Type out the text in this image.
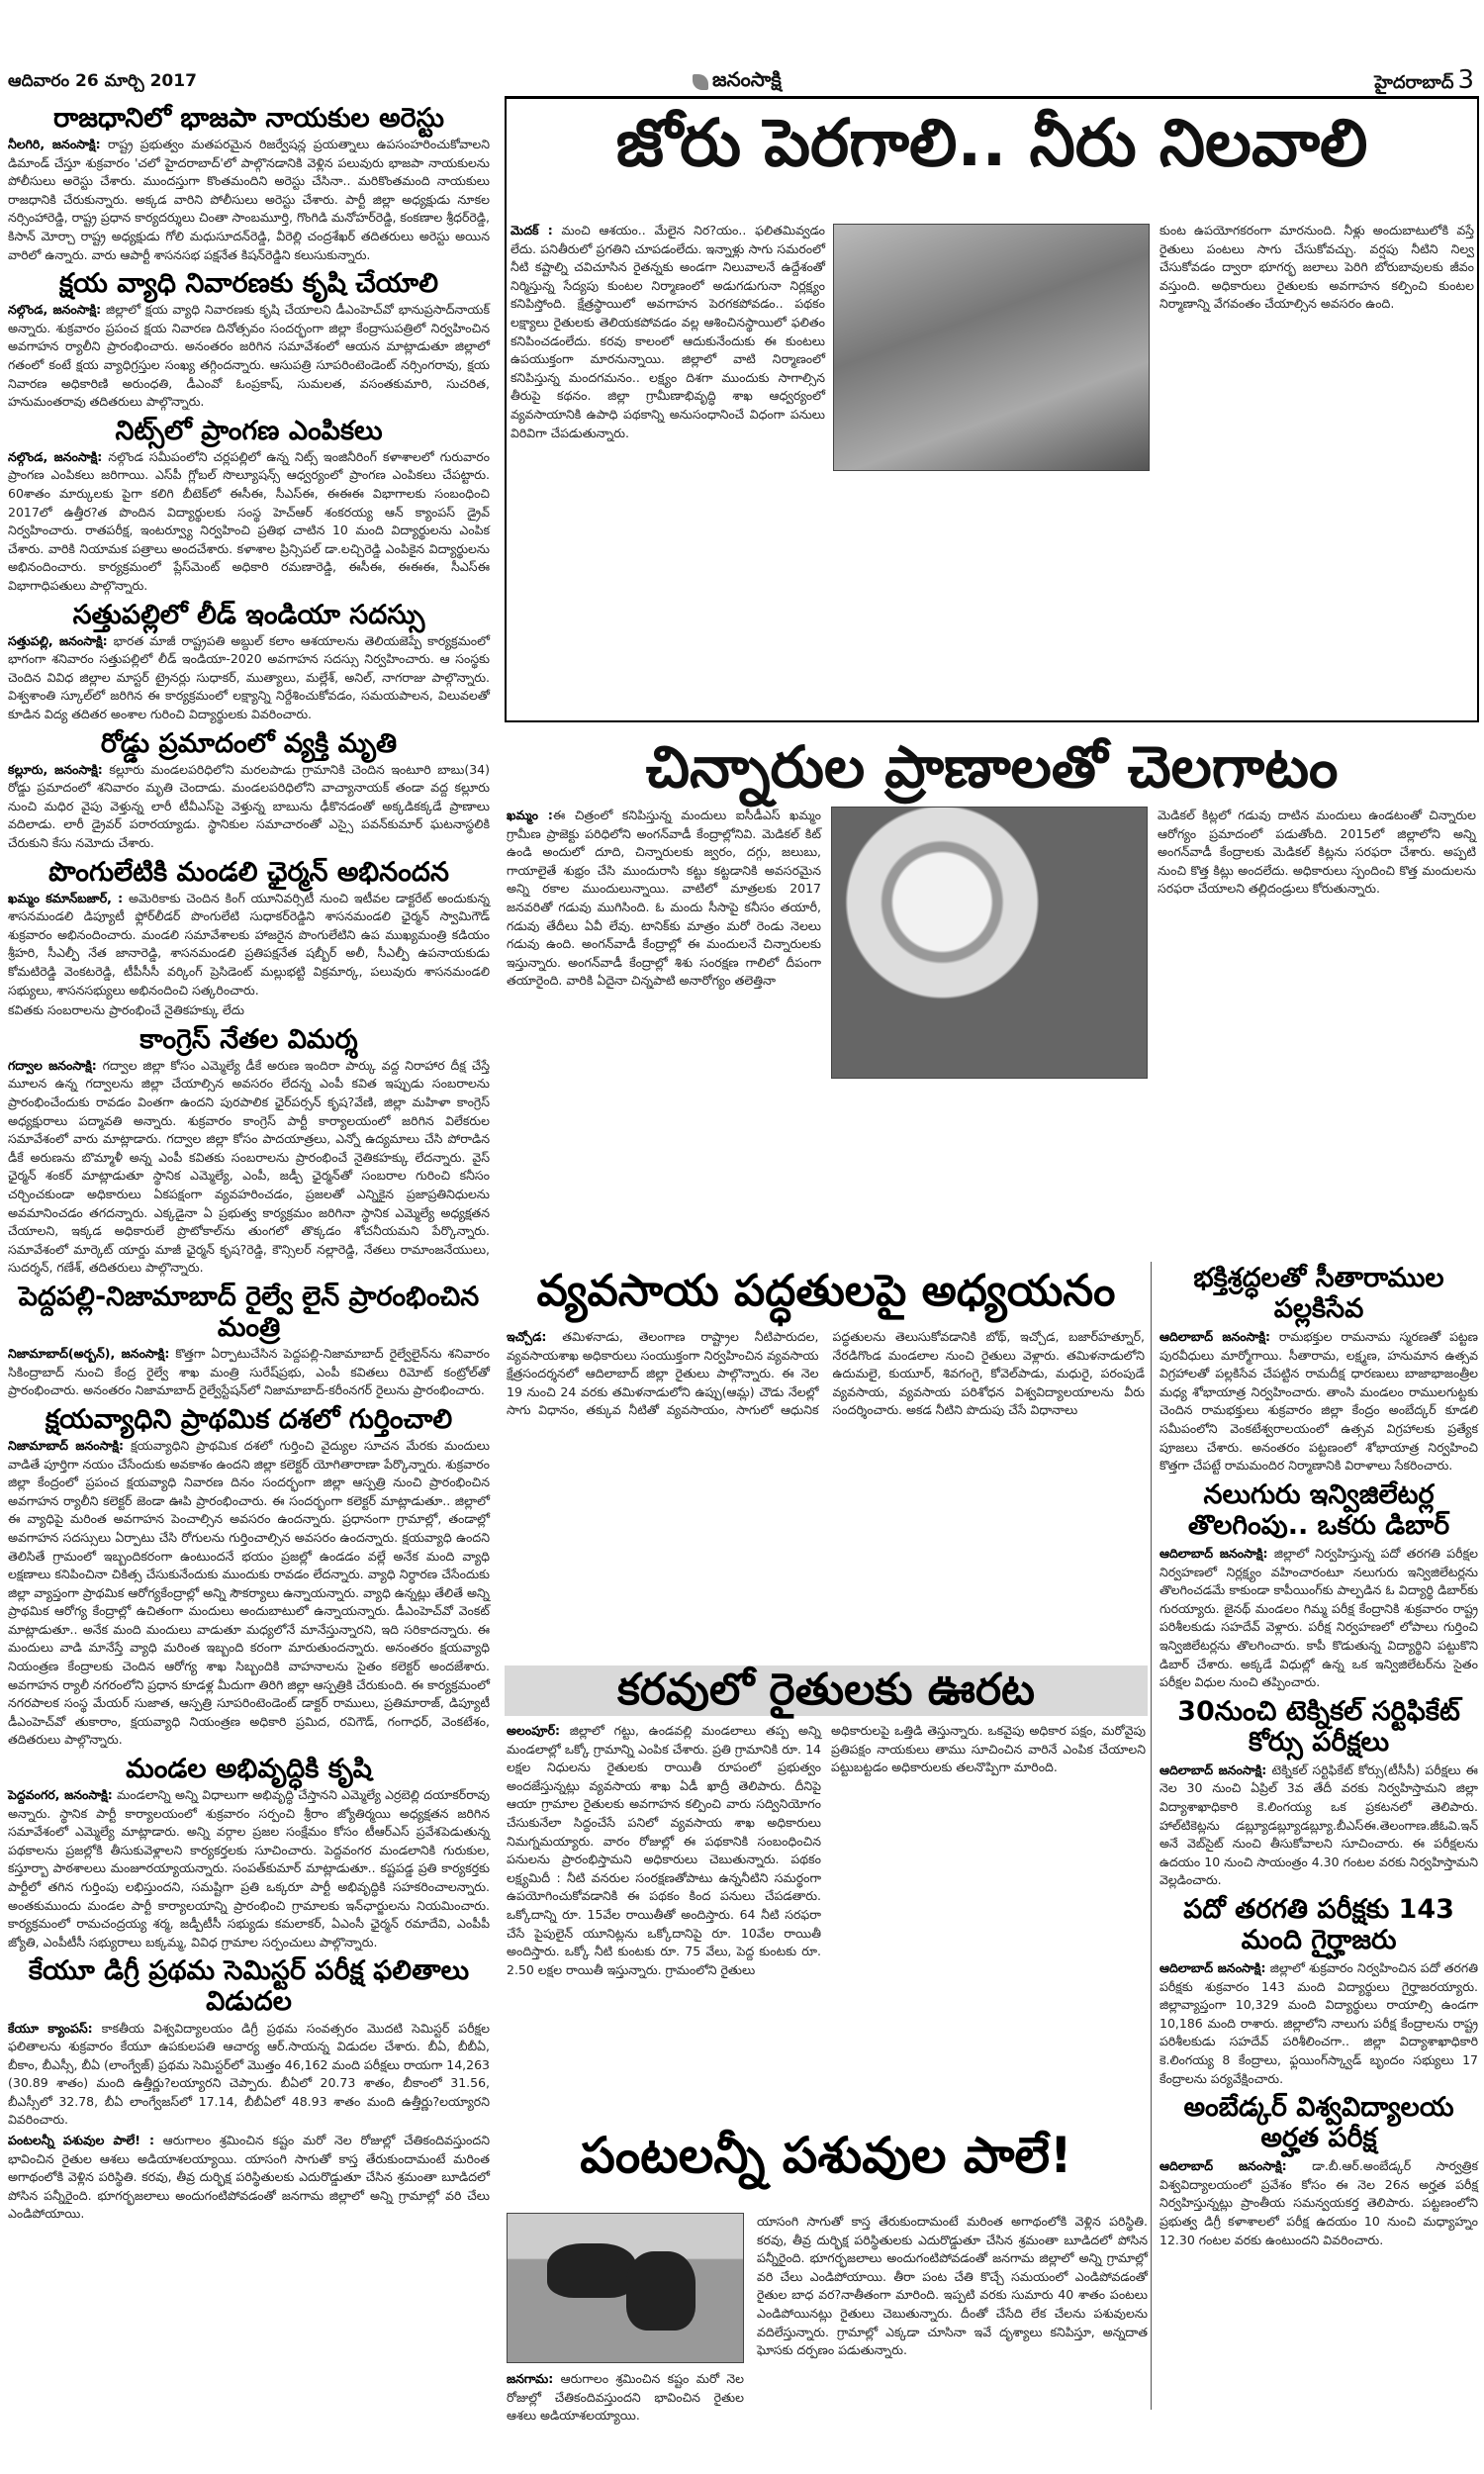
ఆదివారం 26 మార్చి 2017	జనంసాక్షి	హైదరాబాద్ 3
రాజధానిలో భాజపా నాయకుల అరెస్టు
నీలగిరి, జనంసాక్షి: రాష్ట్ర ప్రభుత్వం మతపరమైన రిజర్వేషన్ల ప్రయత్నాలు ఉపసంహరించుకోవాలని డిమాండ్ చేస్తూ శుక్రవారం 'చలో హైదరాబాద్'లో పాల్గొనడానికి వెళ్లిన పలువురు భాజపా నాయకులను పోలీసులు అరెస్టు చేశారు. ముందస్తుగా కొంతమందిని అరెస్టు చేసినా.. మరికొంతమంది నాయకులు రాజధానికి చేరుకున్నారు. అక్కడ వారిని పోలీసులు అరెస్టు చేశారు. పార్టీ జిల్లా అధ్యక్షుడు నూకల నర్సింహారెడ్డి, రాష్ట్ర ప్రధాన కార్యదర్శులు చింతా సాంబమూర్తి, గొంగిడి మనోహర్‌రెడ్డి, కంకణాల శ్రీధర్‌రెడ్డి, కిసాన్ మోర్చా రాష్ట్ర అధ్యక్షుడు గోలి మధుసూదన్‌రెడ్డి, వీరెల్లి చంద్రశేఖర్ తదితరులు అరెస్టు అయిన వారిలో ఉన్నారు. వారు ఆపార్టీ శాసనసభ పక్షనేత కిషన్‌రెడ్డిని కలుసుకున్నారు.
క్షయ వ్యాధి నివారణకు కృషి చేయాలి
నల్గొండ, జనంసాక్షి: జిల్లాలో క్షయ వ్యాధి నివారణకు కృషి చేయాలని డీఎంహెచ్‌వో భానుప్రసాద్‌నాయక్ అన్నారు. శుక్రవారం ప్రపంచ క్షయ నివారణ దినోత్సవం సందర్భంగా జిల్లా కేంద్రాసుపత్రిలో నిర్వహించిన అవగాహన ర్యాలీని ప్రారంభించారు. అనంతరం జరిగిన సమావేశంలో ఆయన మాట్లాడుతూ జిల్లాలో గతంలో కంటే క్షయ వ్యాధిగ్రస్తుల సంఖ్య తగ్గిందన్నారు. ఆసుపత్రి సూపరింటెండెంట్ నర్సింగరావు, క్షయ నివారణ అధికారిణి అరుంధతి, డీఎంవో ఓంప్రకాష్, సుమలత, వసంతకుమారి, సుచరిత, హనుమంతరావు తదితరులు పాల్గొన్నారు.
నిట్స్‌లో ప్రాంగణ ఎంపికలు
నల్గొండ, జనంసాక్షి: నల్గొండ సమీపంలోని చర్లపల్లిలో ఉన్న నిట్స్ ఇంజినీరింగ్ కళాశాలలో గురువారం ప్రాంగణ ఎంపికలు జరిగాయి. ఎస్‌పీ గ్లోబల్ సొల్యూషన్స్ ఆధ్వర్యంలో ప్రాంగణ ఎంపికలు చేపట్టారు. 60శాతం మార్కులకు పైగా కలిగి బీటెక్‌లో ఈసీఈ, సీఎస్ఈ, ఈఈఈ విభాగాలకు సంబంధించి 2017లో ఉత్తీర?త పొందిన విద్యార్థులకు సంస్థ హెచ్ఆర్ శంకరయ్య ఆన్ క్యాంపస్ డ్రైవ్ నిర్వహించారు. రాతపరీక్ష, ఇంటర్వ్యూ నిర్వహించి ప్రతిభ చాటిన 10 మంది విద్యార్థులను ఎంపిక చేశారు. వారికి నియామక పత్రాలు అందచేశారు. కళాశాల ప్రిన్సిపల్ డా.లచ్చిరెడ్డి ఎంపికైన విద్యార్థులను అభినందించారు. కార్యక్రమంలో ప్లేస్‌మెంట్ అధికారి రమణారెడ్డి, ఈసీఈ, ఈఈఈ, సీఎస్ఈ విభాగాధిపతులు పాల్గొన్నారు.
సత్తుపల్లిలో లీడ్ ఇండియా సదస్సు
సత్తుపల్లి, జనంసాక్షి: భారత మాజీ రాష్ట్రపతి అబ్దుల్ కలాం ఆశయాలను తెలియజెప్పే కార్యక్రమంలో భాగంగా శనివారం సత్తుపల్లిలో లీడ్ ఇండియా-2020 అవగాహన సదస్సు నిర్వహించారు. ఆ సంస్థకు చెందిన వివిధ జిల్లాల మాస్టర్ ట్రైనర్లు సుధాకర్, ముత్యాలు, మల్లేశ్, అనిల్, నాగరాజు పాల్గొన్నారు. విశ్వశాంతి స్కూల్‌లో జరిగిన ఈ కార్యక్రమంలో లక్ష్యాన్ని నిర్దేశించుకోవడం, సమయపాలన, విలువలతో కూడిన విద్య తదితర అంశాల గురించి విద్యార్థులకు వివరించారు.
రోడ్డు ప్రమాదంలో వ్యక్తి మృతి
కల్లూరు, జనంసాక్షి: కల్లూరు మండలపరిధిలోని మరలపాడు గ్రామానికి చెందిన ఇంటూరి బాబు(34) రోడ్డు ప్రమాదంలో శనివారం మృతి చెందాడు. మండలపరిధిలోని వాచ్యానాయక్ తండా వద్ద కల్లూరు నుంచి మధిర వైపు వెళ్తున్న లారీ టీవీఎస్‌పై వెళ్తున్న బాబును ఢీకొనడంతో అక్కడికక్కడే ప్రాణాలు వదిలాడు. లారీ డ్రైవర్ పరారయ్యాడు. స్థానికుల సమాచారంతో ఎస్సై పవన్‌కుమార్ ఘటనాస్థలికి చేరుకుని కేసు నమోదు చేశారు.
పొంగులేటికి మండలి ఛైర్మన్ అభినందన
ఖమ్మం కమాన్‌బజార్, : అమెరికాకు చెందిన కింగ్ యూనివర్సిటీ నుంచి ఇటీవల డాక్టరేట్ అందుకున్న శాసనమండలి డిప్యూటీ ఫ్లోర్‌లీడర్ పొంగులేటి సుధాకర్‌రెడ్డిని శాసనమండలి ఛైర్మన్ స్వామిగౌడ్ శుక్రవారం అభినందించారు. మండలి సమావేశాలకు హాజరైన పొంగులేటిని ఉప ముఖ్యమంత్రి కడియం శ్రీహరి, సీఎల్పీ నేత జానారెడ్డి, శాసనమండలి ప్రతిపక్షనేత షబ్బీర్ అలీ, సీఎల్పీ ఉపనాయకుడు కోమటిరెడ్డి వెంకటరెడ్డి, టీపీసీసీ వర్కింగ్ ప్రెసిడెంట్ మల్లుభట్టి విక్రమార్క, పలువురు శాసనమండలి సభ్యులు, శాసనసభ్యులు అభినందించి సత్కరించారు.
కవితకు సంబరాలను ప్రారంభించే నైతికహక్కు లేదు
కాంగ్రెస్ నేతల విమర్శ
గద్వాల జనంసాక్షి: గద్వాల జిల్లా కోసం ఎమ్మెల్యే డీకే అరుణ ఇందిరా పార్కు వద్ద నిరాహార దీక్ష చేస్తే మూలన ఉన్న గద్వాలను జిల్లా చేయాల్సిన అవసరం లేదన్న ఎంపీ కవిత ఇప్పుడు సంబరాలను ప్రారంభించేందుకు రావడం వింతగా ఉందని పురపాలిక ఛైర్‌పర్సన్ కృష?వేణి, జిల్లా మహిళా కాంగ్రెస్ అధ్యక్షురాలు పద్మావతి అన్నారు. శుక్రవారం కాంగ్రెస్ పార్టీ కార్యాలయంలో జరిగిన విలేకరుల సమావేశంలో వారు మాట్లాడారు. గద్వాల జిల్లా కోసం పాదయాత్రలు, ఎన్నో ఉద్యమాలు చేసి పోరాడిన డీకే అరుణను బొమ్మాళీ అన్న ఎంపీ కవితకు సంబరాలను ప్రారంభించే నైతికహక్కు లేదన్నారు. వైస్ ఛైర్మన్ శంకర్ మాట్లాడుతూ స్థానిక ఎమ్మెల్యే, ఎంపీ, జడ్పీ ఛైర్మన్‌తో సంబరాల గురించి కనీసం చర్చించకుండా అధికారులు ఏకపక్షంగా వ్యవహరించడం, ప్రజలతో ఎన్నికైన ప్రజాప్రతినిధులను అవమానించడం తగదన్నారు. ఎక్కడైనా ఏ ప్రభుత్వ కార్యక్రమం జరిగినా స్థానిక ఎమ్మెల్యే అధ్యక్షతన చేయాలని, ఇక్కడ అధికారులే ప్రొటోకాల్‌ను తుంగలో తొక్కడం శోచనీయమని పేర్కొన్నారు. సమావేశంలో మార్కెట్ యార్డు మాజీ ఛైర్మన్ కృష?రెడ్డి, కౌన్సిలర్ నల్లారెడ్డి, నేతలు రామాంజనేయులు, సుదర్శన్, గణేశ్, తదితరులు పాల్గొన్నారు.
పెద్దపల్లి-నిజామాబాద్ రైల్వే లైన్ ప్రారంభించిన మంత్రి
నిజామాబాద్(అర్బన్), జనంసాక్షి: కొత్తగా ఏర్పాటుచేసిన పెద్దపల్లి-నిజామాబాద్ రైల్వేలైన్‌ను శనివారం సికింద్రాబాద్ నుంచి కేంద్ర రైల్వే శాఖ మంత్రి సురేష్‌ప్రభు, ఎంపీ కవితలు రిమోట్ కంట్రోల్‌తో ప్రారంభించారు. అనంతరం నిజామాబాద్ రైల్వేస్టేషన్‌లో నిజామాబాద్-కరీంనగర్ రైలును ప్రారంభించారు.
క్షయవ్యాధిని ప్రాథమిక దశలో గుర్తించాలి
నిజామాబాద్ జనంసాక్షి: క్షయవ్యాధిని ప్రాథమిక దశలో గుర్తించి వైద్యుల సూచన మేరకు మందులు వాడితే పూర్తిగా నయం చేసేందుకు అవకాశం ఉందని జిల్లా కలెక్టర్ యోగితారాణా పేర్కొన్నారు. శుక్రవారం జిల్లా కేంద్రంలో ప్రపంచ క్షయవ్యాధి నివారణ దినం సందర్భంగా జిల్లా ఆస్పత్రి నుంచి ప్రారంభించిన అవగాహన ర్యాలీని కలెక్టర్ జెండా ఊపి ప్రారంభించారు. ఈ సందర్భంగా కలెక్టర్ మాట్లాడుతూ.. జిల్లాలో ఈ వ్యాధిపై మరింత అవగాహన పెంచాల్సిన అవసరం ఉందన్నారు. ప్రధానంగా గ్రామాల్లో, తండాల్లో అవగాహన సదస్సులు ఏర్పాటు చేసి రోగులను గుర్తించాల్సిన అవసరం ఉందన్నారు. క్షయవ్యాధి ఉందని తెలిసితే గ్రామంలో ఇబ్బందికరంగా ఉంటుందనే భయం ప్రజల్లో ఉండడం వల్లే అనేక మంది వ్యాధి లక్షణాలు కనిపించినా చికిత్స చేసుకునేందుకు ముందుకు రావడం లేదన్నారు. వ్యాధి నిర్ధారణ చేసేందుకు జిల్లా వ్యాప్తంగా ప్రాథమిక ఆరోగ్యకేంద్రాల్లో అన్ని సౌకర్యాలు ఉన్నాయన్నారు. వ్యాధి ఉన్నట్లు తేలితే అన్ని ప్రాథమిక ఆరోగ్య కేంద్రాల్లో ఉచితంగా మందులు అందుబాటులో ఉన్నాయన్నారు. డీఎంహెచ్‌వో వెంకట్ మాట్లాడుతూ.. అనేక మంది మందులు వాడుతూ మధ్యలోనే మానేస్తున్నారని, ఇది సరికాదన్నారు. ఈ మందులు వాడి మానేస్తే వ్యాధి మరింత ఇబ్బంది కరంగా మారుతుందన్నారు. అనంతరం క్షయవ్యాధి నియంత్రణ కేంద్రాలకు చెందిన ఆరోగ్య శాఖ సిబ్బందికి వాహనాలను సైతం కలెక్టర్ అందజేశారు. అవగాహన ర్యాలీ నగరంలోని ప్రధాన కూడళ్ల మీదుగా తిరిగి జిల్లా ఆస్పత్రికి చేరుకుంది. ఈ కార్యక్రమంలో నగరపాలక సంస్థ మేయర్ సుజాత, ఆస్పత్రి సూపరింటెండెంట్ డాక్టర్ రాములు, ప్రతిమారాజ్, డిప్యూటీ డీఎంహెచ్‌వో తుకారాం, క్షయవ్యాధి నియంత్రణ అధికారి ప్రమిద, రవిగౌడ్, గంగాధర్, వెంకటేశం, తదితరులు పాల్గొన్నారు.
మండల అభివృద్ధికి కృషి
పెద్దవంగర, జనంసాక్షి: మండలాన్ని అన్ని విధాలుగా అభివృద్ధి చేస్తానని ఎమ్మెల్యే ఎర్రబెల్లి దయాకర్‌రావు అన్నారు. స్థానిక పార్టీ కార్యాలయంలో శుక్రవారం సర్పంచి శ్రీరాం జ్యోతిర్మయి అధ్యక్షతన జరిగిన సమావేశంలో ఎమ్మెల్యే మాట్లాడారు. అన్ని వర్గాల ప్రజల సంక్షేమం కోసం టీఆర్ఎస్ ప్రవేశపెడుతున్న పథకాలను ప్రజల్లోకి తీసుకువెళ్లాలని కార్యకర్తలకు సూచించారు. పెద్దవంగర మండలానికి గురుకుల, కస్తూర్బా పాఠశాలలు మంజూరయ్యాయన్నారు. సంపత్‌కుమార్ మాట్లాడుతూ.. కష్టపడ్డ ప్రతి కార్యకర్తకు పార్టీలో తగిన గుర్తింపు లభిస్తుందని, సమష్టిగా ప్రతి ఒక్కరూ పార్టీ అభివృద్ధికి సహకరించాలన్నారు. అంతకుముందు మండల పార్టీ కార్యాలయాన్ని ప్రారంభించి గ్రామాలకు ఇన్‌ఛార్జులను నియమించారు. కార్యక్రమంలో రామచంద్రయ్య శర్మ, జడ్పీటీసీ సభ్యుడు కమలాకర్, ఏఎంసీ ఛైర్మన్ రమాదేవి, ఎంపీపీ జ్యోతి, ఎంపీటీసీ సభ్యురాలు బక్కమ్మ, వివిధ గ్రామాల సర్పంచులు పాల్గొన్నారు.
కేయూ డిగ్రీ ప్రథమ సెమిస్టర్ పరీక్ష ఫలితాలు విడుదల
కేయూ క్యాంపస్: కాకతీయ విశ్వవిద్యాలయం డిగ్రీ ప్రథమ సంవత్సరం మొదటి సెమిస్టర్ పరీక్షల ఫలితాలను శుక్రవారం కేయూ ఉపకులపతి ఆచార్య ఆర్.సాయన్న విడుదల చేశారు. బీఏ, బీబీఏ, బీకాం, బీఎస్సీ, బీఏ (లాంగ్వేజ్) ప్రథమ సెమిస్టర్‌లో మొత్తం 46,162 మంది పరీక్షలు రాయగా 14,263 (30.89 శాతం) మంది ఉత్తీర్ణు?లయ్యారని చెప్పారు. బీఏలో 20.73 శాతం, బీకాంలో 31.56, బీఎస్సీలో 32.78, బీఏ లాంగ్వేజస్‌లో 17.14, బీబీఏలో 48.93 శాతం మంది ఉత్తీర్ణు?లయ్యారని వివరించారు.
పంటలన్నీ పశువుల పాలే! : ఆరుగాలం శ్రమించిన కష్టం మరో నెల రోజుల్లో చేతికందివస్తుందని భావించిన రైతుల ఆశలు అడియాశలయ్యాయి. యాసంగి సాగుతో కాస్త తేరుకుందామంటే మరింత అగాథంలోకి వెళ్లిన పరిస్థితి. కరవు, తీవ్ర దుర్భిక్ష పరిస్థితులకు ఎదురొడ్డుతూ చేసిన శ్రమంతా బూడిదలో పోసిన పన్నీరైంది. భూగర్భజలాలు అందుగంటిపోవడంతో జనగామ జిల్లాలో అన్ని గ్రామాల్లో వరి చేలు ఎండిపోయాయి.
జోరు పెరగాలి.. నీరు నిలవాలి
మెదక్ : మంచి ఆశయం.. మేలైన నిర?యం.. ఫలితమివ్వడం లేదు. పనితీరులో ప్రగతిని చూపడంలేదు. ఇన్నాళ్లు సాగు సమరంలో నీటి కష్టాల్ని చవిచూసిన రైతన్నకు అండగా నిలువాలనే ఉద్దేశంతో నిర్మిస్తున్న సేద్యపు కుంటల నిర్మాణంలో అడుగడుగునా నిర్లక్ష్యం కనిపిస్తోంది. క్షేత్రస్థాయిలో అవగాహన పెరగకపోవడం.. పథకం లక్ష్యాలు రైతులకు తెలియకపోవడం వల్ల ఆశించినస్థాయిలో ఫలితం కనిపించడంలేదు. కరవు కాలంలో ఆదుకునేందుకు ఈ కుంటలు ఉపయుక్తంగా మారనున్నాయి. జిల్లాలో వాటి నిర్మాణంలో కనిపిస్తున్న మందగమనం.. లక్ష్యం దిశగా ముందుకు సాగాల్సిన తీరుపై కథనం. జిల్లా గ్రామీణాభివృద్ధి శాఖ ఆధ్వర్యంలో వ్యవసాయానికి ఉపాధి పథకాన్ని అనుసంధానించే విధంగా పనులు విరివిగా చేపడుతున్నారు.
కుంట ఉపయోగకరంగా మారనుంది. నీళ్లు అందుబాటులోకి వస్తే రైతులు పంటలు సాగు చేసుకోవచ్చు. వర్షపు నీటిని నిల్వ చేసుకోవడం ద్వారా భూగర్భ జలాలు పెరిగి బోరుబావులకు జీవం వస్తుంది. అధికారులు రైతులకు అవగాహన కల్పించి కుంటల నిర్మాణాన్ని వేగవంతం చేయాల్సిన అవసరం ఉంది.
చిన్నారుల ప్రాణాలతో చెలగాటం
ఖమ్మం :ఈ చిత్రంలో కనిపిస్తున్న మందులు ఐసీడీఎస్ ఖమ్మం గ్రామీణ ప్రాజెక్టు పరిధిలోని అంగన్‌వాడీ కేంద్రాల్లోనివి. మెడికల్ కిట్ ఉండి అందులో దూది, చిన్నారులకు జ్వరం, దగ్గు, జలుబు, గాయాలైతే శుభ్రం చేసి ముందురాసి కట్టు కట్టడానికి అవసరమైన అన్ని రకాల ముందులున్నాయి. వాటిలో మాత్రలకు 2017 జనవరితో గడువు ముగిసింది. ఓ మందు సీసాపై కనీసం తయారీ, గడువు తేదీలు ఏవీ లేవు. టానిక్‌కు మాత్రం మరో రెండు నెలలు గడువు ఉంది. అంగన్‌వాడీ కేంద్రాల్లో ఈ మందులనే చిన్నారులకు ఇస్తున్నారు. అంగన్‌వాడీ కేంద్రాల్లో శిశు సంరక్షణ గాలిలో దీపంగా తయారైంది. వారికి ఏదైనా చిన్నపాటి అనారోగ్యం తలెత్తినా
మెడికల్ కిట్లలో గడువు దాటిన మందులు ఉండటంతో చిన్నారుల ఆరోగ్యం ప్రమాదంలో పడుతోంది. 2015లో జిల్లాలోని అన్ని అంగన్‌వాడీ కేంద్రాలకు మెడికల్ కిట్లను సరఫరా చేశారు. అప్పటి నుంచి కొత్త కిట్లు అందలేదు. అధికారులు స్పందించి కొత్త మందులను సరఫరా చేయాలని తల్లిదండ్రులు కోరుతున్నారు.
వ్యవసాయ పద్ధతులపై అధ్యయనం
ఇచ్చోడ: తమిళనాడు, తెలంగాణ రాష్ట్రాల నీటిపారుదల, వ్యవసాయశాఖ అధికారులు సంయుక్తంగా నిర్వహించిన వ్యవసాయ క్షేత్రసందర్శనలో ఆదిలాబాద్ జిల్లా రైతులు పాల్గొన్నారు. ఈ నెల 19 నుంచి 24 వరకు తమిళనాడులోని ఉప్పు(ఆమ్ల) చౌడు నేలల్లో సాగు విధానం, తక్కువ నీటితో వ్యవసాయం, సాగులో ఆధునిక పద్ధతులను తెలుసుకోవడానికి బోథ్, ఇచ్చోడ, బజార్‌హత్నూర్, నేరడిగొండ మండలాల నుంచి రైతులు వెళ్లారు. తమిళనాడులోని ఉదుమలై, కుయూర్, శివగంగై, కోవెల్‌పాడు, మధురై, పరంపుడే వ్యవసాయ, వ్యవసాయ పరిశోధన విశ్వవిద్యాలయాలను వీరు సందర్శించారు. అకడ నీటిని పొదుపు చేసే విధానాలు
కరవులో రైతులకు ఊరట
అలంపూర్: జిల్లాలో గట్టు, ఉండవల్లి మండలాలు తప్ప అన్ని మండలాల్లో ఒక్కో గ్రామాన్ని ఎంపిక చేశారు. ప్రతి గ్రామానికి రూ. 14 లక్షల నిధులను రైతులకు రాయితీ రూపంలో ప్రభుత్వం అందజేస్తున్నట్లు వ్యవసాయ శాఖ ఏడీ ఖాద్రీ తెలిపారు. దీనిపై ఆయా గ్రామాల రైతులకు అవగాహన కల్పించి వారు సద్వినియోగం చేసుకునేలా సిద్ధంచేసే పనిలో వ్యవసాయ శాఖ అధికారులు నిమగ్నమయ్యారు. వారం రోజుల్లో ఈ పథకానికి సంబంధించిన పనులను ప్రారంభిస్తామని అధికారులు చెబుతున్నారు. పథకం లక్ష్యమిదీ : నీటి వనరుల సంరక్షణతోపాటు ఉన్ననీటిని సమర్థంగా ఉపయోగించుకోవడానికి ఈ పథకం కింద పనులు చేపడతారు. ఒక్కోదాన్ని రూ. 15వేల రాయితీతో అందిస్తారు. 64 నీటి సరఫరా చేసే పైపులైన్ యూనిట్లను ఒక్కోదానిపై రూ. 10వేల రాయితీ అందిస్తారు. ఒక్కో నీటి కుంటకు రూ. 75 వేలు, పెద్ద కుంటకు రూ. 2.50 లక్షల రాయితీ ఇస్తున్నారు. గ్రామంలోని రైతులు
అధికారులపై ఒత్తిడి తెస్తున్నారు. ఒకవైపు అధికార పక్షం, మరోవైపు ప్రతిపక్షం నాయకులు తాము సూచించిన వారినే ఎంపిక చేయాలని పట్టుబట్టడం అధికారులకు తలనొప్పిగా మారింది.
పంటలన్నీ పశువుల పాలే!
జనగామ: ఆరుగాలం శ్రమించిన కష్టం మరో నెల రోజుల్లో చేతికందివస్తుందని భావించిన రైతుల ఆశలు అడియాశలయ్యాయి.
యాసంగి సాగుతో కాస్త తేరుకుందామంటే మరింత అగాథంలోకి వెళ్లిన పరిస్థితి. కరవు, తీవ్ర దుర్భిక్ష పరిస్థితులకు ఎదురొడ్డుతూ చేసిన శ్రమంతా బూడిదలో పోసిన పన్నీరైంది. భూగర్భజలాలు అందుగంటిపోవడంతో జనగామ జిల్లాలో అన్ని గ్రామాల్లో వరి చేలు ఎండిపోయాయి. తీరా పంట చేతి కొచ్చే సమయంలో ఎండిపోవడంతో రైతుల బాధ వర?నాతీతంగా మారింది. ఇప్పటి వరకు సుమారు 40 శాతం పంటలు ఎండిపోయినట్లు రైతులు చెబుతున్నారు. దీంతో చేసేది లేక చేలను పశువులను వదిలేస్తున్నారు. గ్రామాల్లో ఎక్కడా చూసినా ఇవే దృశ్యాలు కనిపిస్తూ, అన్నదాత ఘోసకు దర్పణం పడుతున్నారు.
భక్తిశ్రద్ధలతో సీతారాముల పల్లకిసేవ
ఆదిలాబాద్ జనంసాక్షి: రామభక్తుల రామనామ స్మరణతో పట్టణ పురవీధులు మార్మోగాయి. సీతారామ, లక్ష్మణ, హనుమాన ఉత్సవ విగ్రహాలతో పల్లకిసేవ చేపట్టిన రామదీక్ష ధారణులు బాజాభాజంత్రీల మధ్య శోభాయాత్ర నిర్వహించారు. తాంసి మండలం రాములగుట్టకు చెందిన రామభక్తులు శుక్రవారం జిల్లా కేంద్రం అంబేద్కర్ కూడలి సమీపంలోని వెంకటేశ్వరాలయంలో ఉత్సవ విగ్రహాలకు ప్రత్యేక పూజలు చేశారు. అనంతరం పట్టణంలో శోభాయాత్ర నిర్వహించి కొత్తగా చేపట్టే రామమందిర నిర్మాణానికి విరాళాలు సేకరించారు.
నలుగురు ఇన్విజిలేటర్ల తొలగింపు.. ఒకరు డిబార్
ఆదిలాబాద్ జనంసాక్షి: జిల్లాలో నిర్వహిస్తున్న పదో తరగతి పరీక్షల నిర్వహణలో నిర్లక్ష్యం వహించారంటూ నలుగురు ఇన్విజిలేటర్లను తొలగించడమే కాకుండా కాపీయింగ్‌కు పాల్పడిన ఓ విద్యార్థి డిబార్‌కు గురయ్యారు. జైనథ్ మండలం గిమ్మ పరీక్ష కేంద్రానికి శుక్రవారం రాష్ట్ర పరిశీలకుడు సహదేవ్ వెళ్లారు. పరీక్ష నిర్వహణలో లోపాలు గుర్తించి ఇన్విజిలేటర్లను తొలగించారు. కాపీ కొడుతున్న విద్యార్థిని పట్టుకొని డిబార్ చేశారు. అక్కడే విధుల్లో ఉన్న ఒక ఇన్విజిలేటర్‌ను సైతం పరీక్షల విధుల నుంచి తప్పించారు.
30నుంచి టెక్నికల్ సర్టిఫికేట్ కోర్సు పరీక్షలు
ఆదిలాబాద్ జనంసాక్షి: టెక్నికల్ సర్టిఫికేట్ కోర్సు(టీసీసీ) పరీక్షలు ఈ నెల 30 నుంచి ఏప్రిల్ 3వ తేదీ వరకు నిర్వహిస్తామని జిల్లా విద్యాశాఖాధికారి కె.లింగయ్య ఒక ప్రకటనలో తెలిపారు. హాల్‌టికెట్లను డబ్ల్యూడబ్ల్యూడబ్ల్యూ.బీఎస్ఈ.తెలంగాణ.జీఓవి.ఇన్ అనే వెబ్‌సైట్ నుంచి తీసుకోవాలని సూచించారు. ఈ పరీక్షలను ఉదయం 10 నుంచి సాయంత్రం 4.30 గంటల వరకు నిర్వహిస్తామని వెల్లడించారు.
పదో తరగతి పరీక్షకు 143 మంది గైర్హాజరు
ఆదిలాబాద్ జనంసాక్షి: జిల్లాలో శుక్రవారం నిర్వహించిన పదో తరగతి పరీక్షకు శుక్రవారం 143 మంది విద్యార్థులు గైర్హాజరయ్యారు. జిల్లావ్యాప్తంగా 10,329 మంది విద్యార్థులు రాయాల్సి ఉండగా 10,186 మంది రాశారు. జిల్లాలోని నాలుగు పరీక్ష కేంద్రాలను రాష్ట్ర పరిశీలకుడు సహదేవ్ పరిశీలించగా.. జిల్లా విద్యాశాఖాధికారి కె.లింగయ్య 8 కేంద్రాలు, ఫ్లయింగ్‌స్క్వాడ్ బృందం సభ్యులు 17 కేంద్రాలను పర్యవేక్షించారు.
అంబేడ్కర్ విశ్వవిద్యాలయ అర్హత పరీక్ష
ఆదిలాబాద్ జనంసాక్షి: డా.బీ.ఆర్.అంబేడ్కర్ సార్వత్రిక విశ్వవిద్యాలయంలో ప్రవేశం కోసం ఈ నెల 26న అర్హత పరీక్ష నిర్వహిస్తున్నట్లు ప్రాంతీయ సమన్వయకర్త తెలిపారు. పట్టణంలోని ప్రభుత్వ డిగ్రీ కళాశాలలో పరీక్ష ఉదయం 10 నుంచి మధ్యాహ్నం 12.30 గంటల వరకు ఉంటుందని వివరించారు.
